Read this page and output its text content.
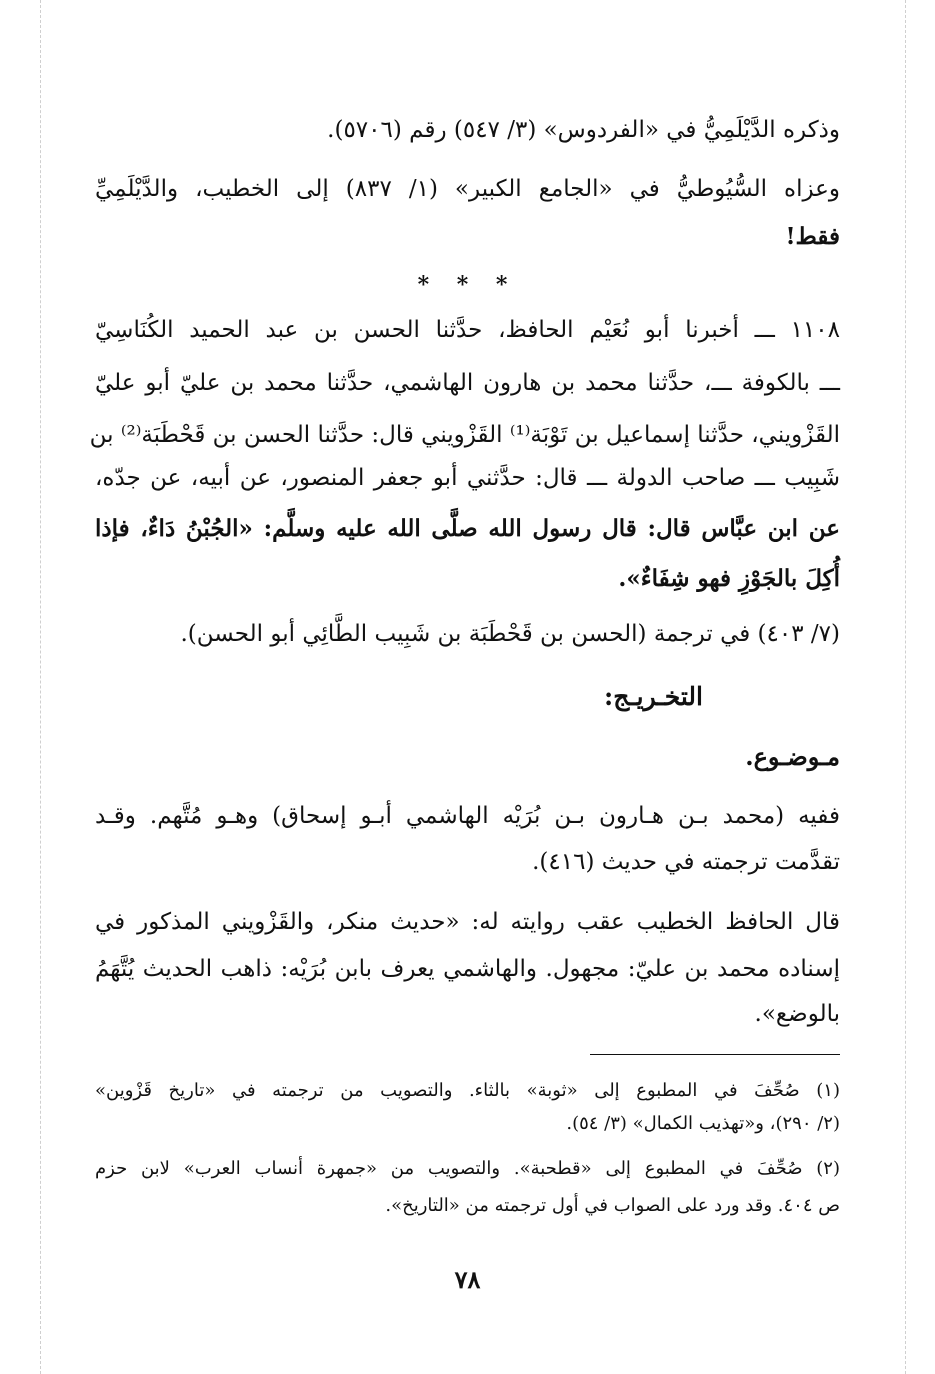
وذكره الدَّيْلَمِيُّ في «الفردوس» (٣/ ٥٤٧) رقم (٥٧٠٦).
وعزاه السُّيُوطيُّ في «الجامع الكبير» (١/ ٨٣٧) إلى الخطيب، والدَّيْلَمِيِّ
فقط!
* * *
١١٠٨ ـــ أخبرنا أبو نُعَيْم الحافظ، حدَّثنا الحسن بن عبد الحميد الكُنَاسِيّ
ـــ بالكوفة ـــ، حدَّثنا محمد بن هارون الهاشمي، حدَّثنا محمد بن عليّ أبو عليّ
القَزْويني، حدَّثنا إسماعيل بن تَوْبَة⁽¹⁾ القَزْويني قال: حدَّثنا الحسن بن قَحْطَبَة⁽²⁾ بن
شَبِيب ـــ صاحب الدولة ـــ قال: حدَّثني أبو جعفر المنصور، عن أبيه، عن جدّه،
عن ابن عبَّاس قال: قال رسول الله صلَّى الله عليه وسلَّم: «الجُبْنُ دَاءٌ، فإذا
أُكِلَ بالجَوْزِ فهو شِفَاءٌ».
(٧/ ٤٠٣) في ترجمة (الحسن بن قَحْطَبَة بن شَبِيب الطَّائِي أبو الحسن).
التخـريـج:
مـوضـوع.
ففيه (محمد بـن هـارون بـن بُرَيْه الهاشمي أبـو إسحاق) وهـو مُتَّهم. وقـد
تقدَّمت ترجمته في حديث (٤١٦).
قال الحافظ الخطيب عقب روايته له: «حديث منكر، والقَزْويني المذكور في
إسناده محمد بن عليّ: مجهول. والهاشمي يعرف بابن بُرَيْه: ذاهب الحديث يُتَّهَمُ
بالوضع».
(١) صُحِّفَ في المطبوع إلى «ثوبة» بالثاء. والتصويب من ترجمته في «تاريخ قَزْوين»
(٢/ ٢٩٠)، و«تهذيب الكمال» (٣/ ٥٤).
(٢) صُحِّفَ في المطبوع إلى «قطحبة». والتصويب من «جمهرة أنساب العرب» لابن حزم
ص ٤٠٤. وقد ورد على الصواب في أول ترجمته من «التاريخ».
٧٨
